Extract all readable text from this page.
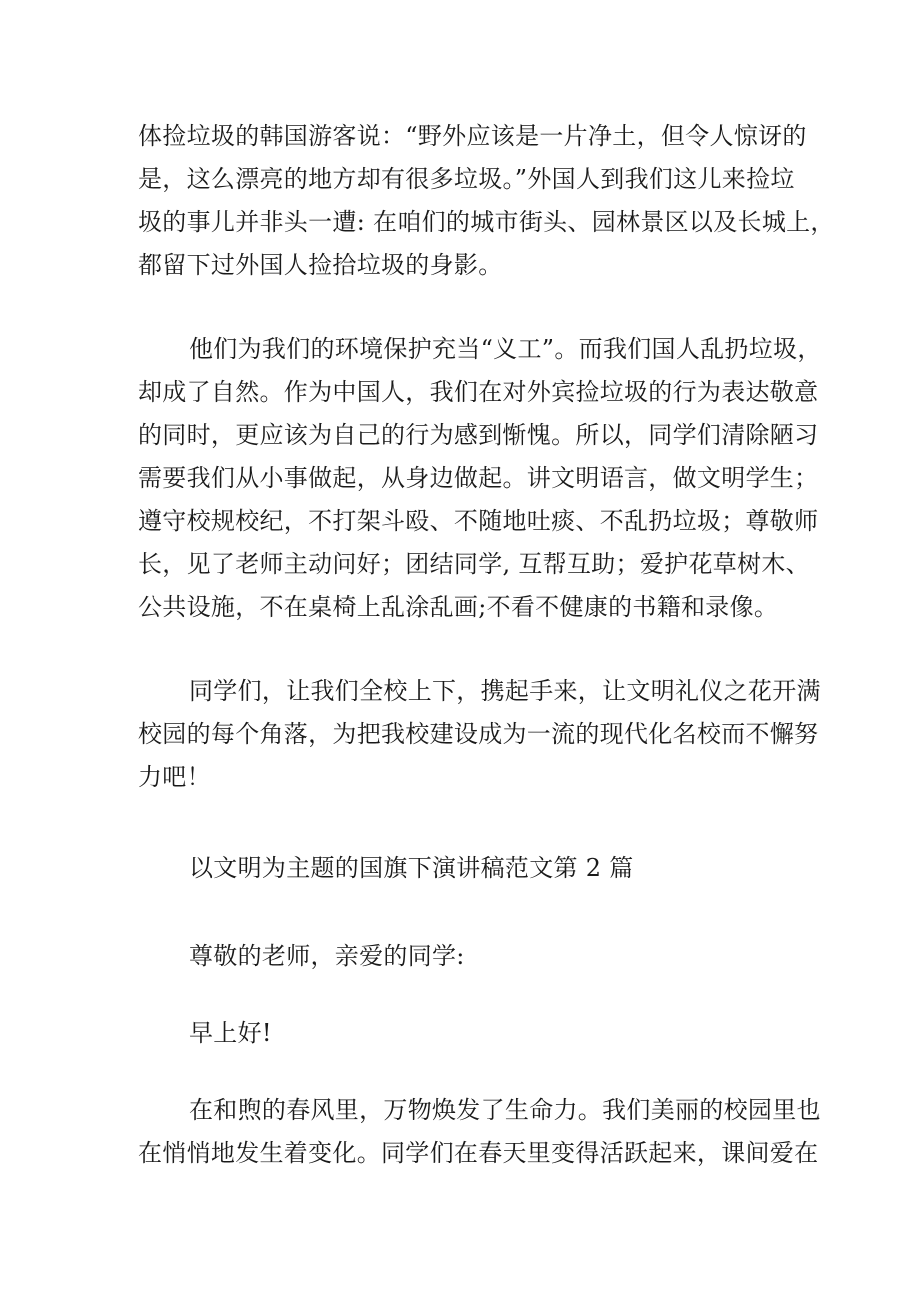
体捡垃圾的韩国游客说：“野外应该是一片净土，但令人惊讶的
是，这么漂亮的地方却有很多垃圾。”外国人到我们这儿来捡垃
圾的事儿并非头一遭: 在咱们的城市街头、园林景区以及长城上，
都留下过外国人捡拾垃圾的身影。

他们为我们的环境保护充当“义工”。而我们国人乱扔垃圾，
却成了自然。作为中国人，我们在对外宾捡垃圾的行为表达敬意
的同时，更应该为自己的行为感到惭愧。所以，同学们清除陋习
需要我们从小事做起，从身边做起。讲文明语言，做文明学生；
遵守校规校纪，不打架斗殴、不随地吐痰、不乱扔垃圾；尊敬师
长，见了老师主动问好；团结同学, 互帮互助；爱护花草树木、
公共设施，不在桌椅上乱涂乱画;不看不健康的书籍和录像。

同学们，让我们全校上下，携起手来，让文明礼仪之花开满
校园的每个角落，为把我校建设成为一流的现代化名校而不懈努
力吧！

以文明为主题的国旗下演讲稿范文第 2 篇

尊敬的老师，亲爱的同学:

早上好!

在和煦的春风里，万物焕发了生命力。我们美丽的校园里也
在悄悄地发生着变化。同学们在春天里变得活跃起来，课间爱在
